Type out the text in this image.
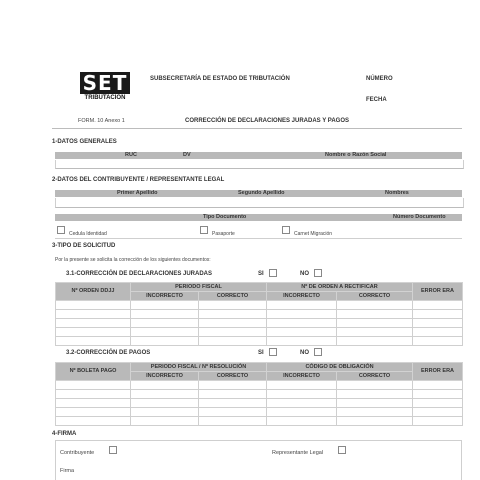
SET
TRIBUTACION
SUBSECRETARÍA DE ESTADO DE TRIBUTACIÓN	NÚMERO
FECHA
FORM. 10 Anexo 1	CORRECCIÓN DE DECLARACIONES JURADAS Y PAGOS
1-DATOS GENERALES
RUC	DV	Nombre o Razón Social
2-DATOS DEL CONTRIBUYENTE / REPRESENTANTE LEGAL
Primer Apellido	Segundo Apellido	Nombres
Tipo Documento	Número Documento
Cedula Identidad	Pasaporte	Carnet Migración
3-TIPO DE SOLICITUD
Por la presente se solicita la corrección de los siguientes documentos:
3.1-CORRECCIÓN DE DECLARACIONES JURADAS	SI	NO
Nº ORDEN DDJJ	PERIODO FISCAL		Nº DE ORDEN A RECTIFICAR		ERROR ERA
	INCORRECTO	CORRECTO	INCORRECTO	CORRECTO	

3.2-CORRECCIÓN DE PAGOS	SI	NO
Nº BOLETA PAGO	PERIODO FISCAL / Nº RESOLUCIÓN		CÓDIGO DE OBLIGACIÓN		ERROR ERA
	INCORRECTO	CORRECTO	INCORRECTO	CORRECTO	

4-FIRMA
Contribuyente	Representante Legal
Firma
